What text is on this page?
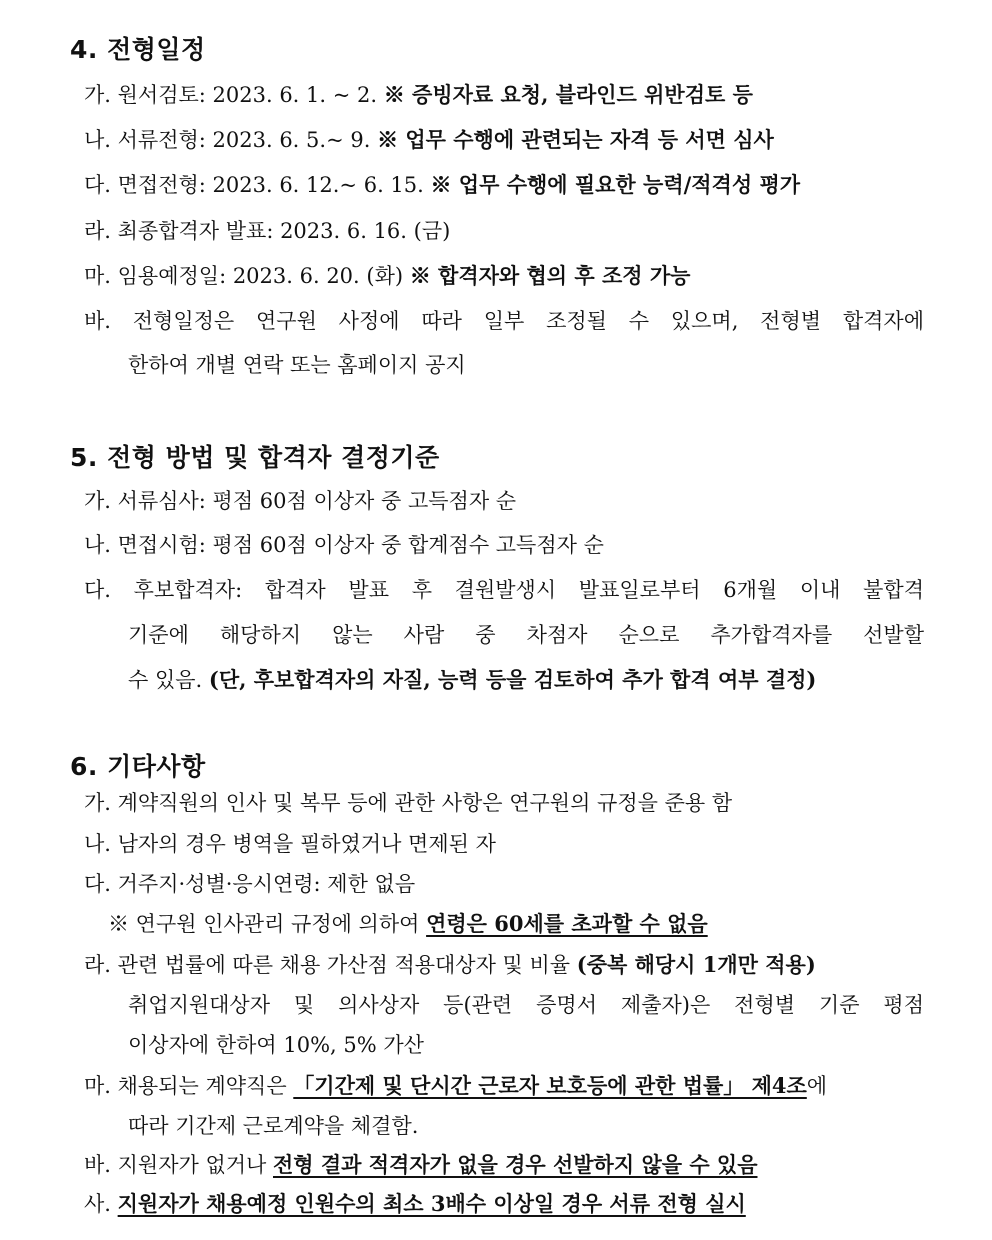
4. 전형일정
가. 원서검토: 2023. 6. 1. ~ 2. ※ 증빙자료 요청, 블라인드 위반검토 등
나. 서류전형: 2023. 6. 5.~ 9. ※ 업무 수행에 관련되는 자격 등 서면 심사
다. 면접전형: 2023. 6. 12.~ 6. 15. ※ 업무 수행에 필요한 능력/적격성 평가
라. 최종합격자 발표: 2023. 6. 16. (금)
마. 임용예정일: 2023. 6. 20. (화) ※ 합격자와 협의 후 조정 가능
바. 전형일정은 연구원 사정에 따라 일부 조정될 수 있으며, 전형별 합격자에
한하여 개별 연락 또는 홈페이지 공지
5. 전형 방법 및 합격자 결정기준
가. 서류심사: 평점 60점 이상자 중 고득점자 순
나. 면접시험: 평점 60점 이상자 중 합계점수 고득점자 순
다. 후보합격자: 합격자 발표 후 결원발생시 발표일로부터 6개월 이내 불합격
기준에 해당하지 않는 사람 중 차점자 순으로 추가합격자를 선발할
수 있음. (단, 후보합격자의 자질, 능력 등을 검토하여 추가 합격 여부 결정)
6. 기타사항
가. 계약직원의 인사 및 복무 등에 관한 사항은 연구원의 규정을 준용 함
나. 남자의 경우 병역을 필하였거나 면제된 자
다. 거주지·성별·응시연령: 제한 없음
※ 연구원 인사관리 규정에 의하여 연령은 60세를 초과할 수 없음
라. 관련 법률에 따른 채용 가산점 적용대상자 및 비율 (중복 해당시 1개만 적용)
취업지원대상자 및 의사상자 등(관련 증명서 제출자)은 전형별 기준 평점
이상자에 한하여 10%, 5% 가산
마. 채용되는 계약직은 「기간제 및 단시간 근로자 보호등에 관한 법률」 제4조에
따라 기간제 근로계약을 체결함.
바. 지원자가 없거나 전형 결과 적격자가 없을 경우 선발하지 않을 수 있음
사. 지원자가 채용예정 인원수의 최소 3배수 이상일 경우 서류 전형 실시
